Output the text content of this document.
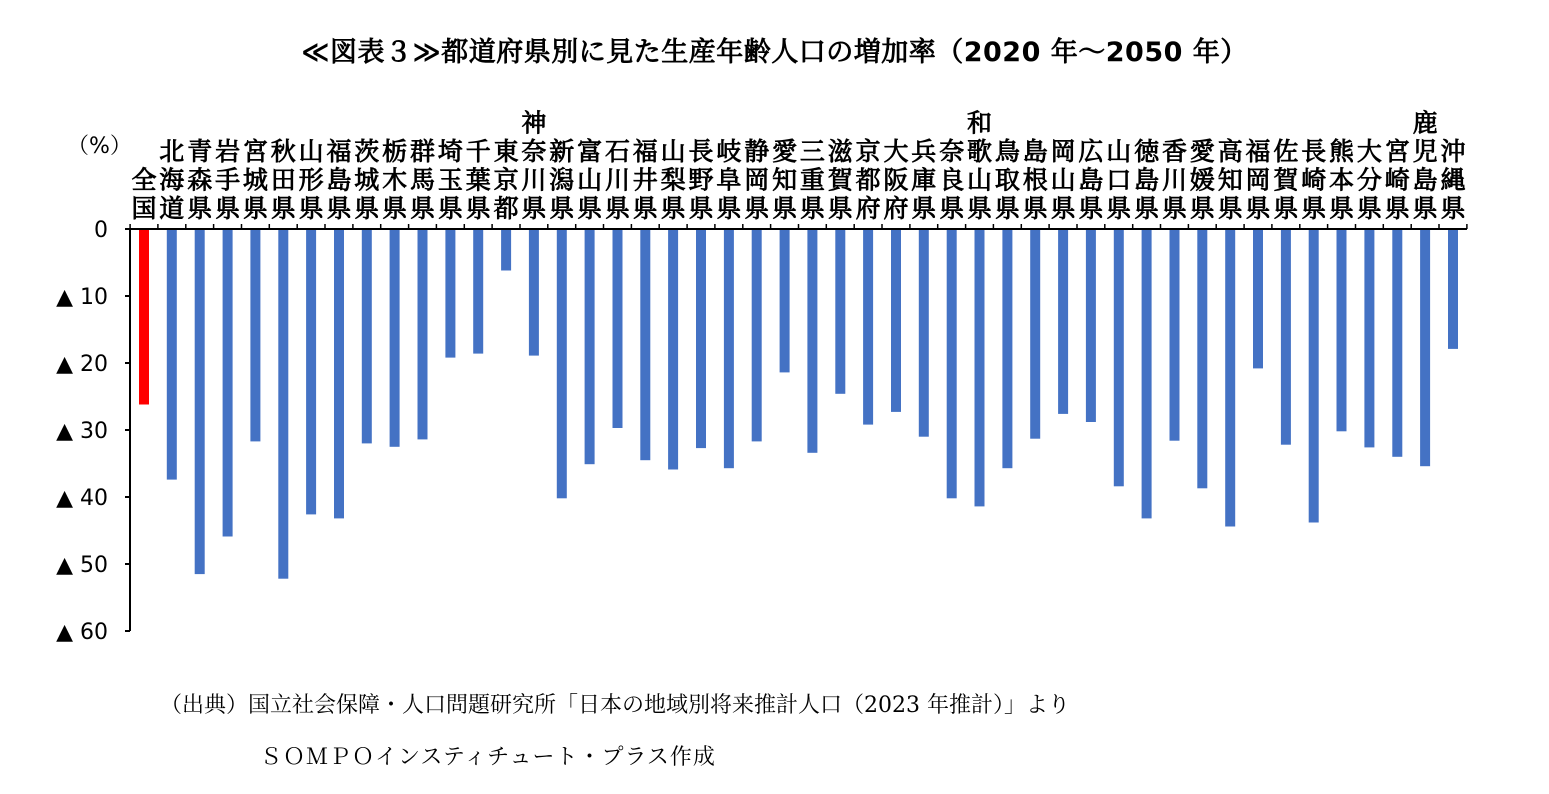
≪図表３≫都道府県別に見た生産年齢人口の増加率（2020 年～2050 年）
（%）
全国
北海道
青森県
岩手県
宮城県
秋田県
山形県
福島県
茨城県
栃木県
群馬県
埼玉県
千葉県
東京都
神奈川県
新潟県
富山県
石川県
福井県
山梨県
長野県
岐阜県
静岡県
愛知県
三重県
滋賀県
京都府
大阪府
兵庫県
奈良県
和歌山県
鳥取県
島根県
岡山県
広島県
山口県
徳島県
香川県
愛媛県
高知県
福岡県
佐賀県
長崎県
熊本県
大分県
宮崎県
鹿児島県
沖縄県
0
▲ 10
▲ 20
▲ 30
▲ 40
▲ 50
▲ 60
（出典）国立社会保障・人口問題研究所「日本の地域別将来推計人口（2023 年推計）」より
ＳＯＭＰＯインスティチュート・プラス作成
